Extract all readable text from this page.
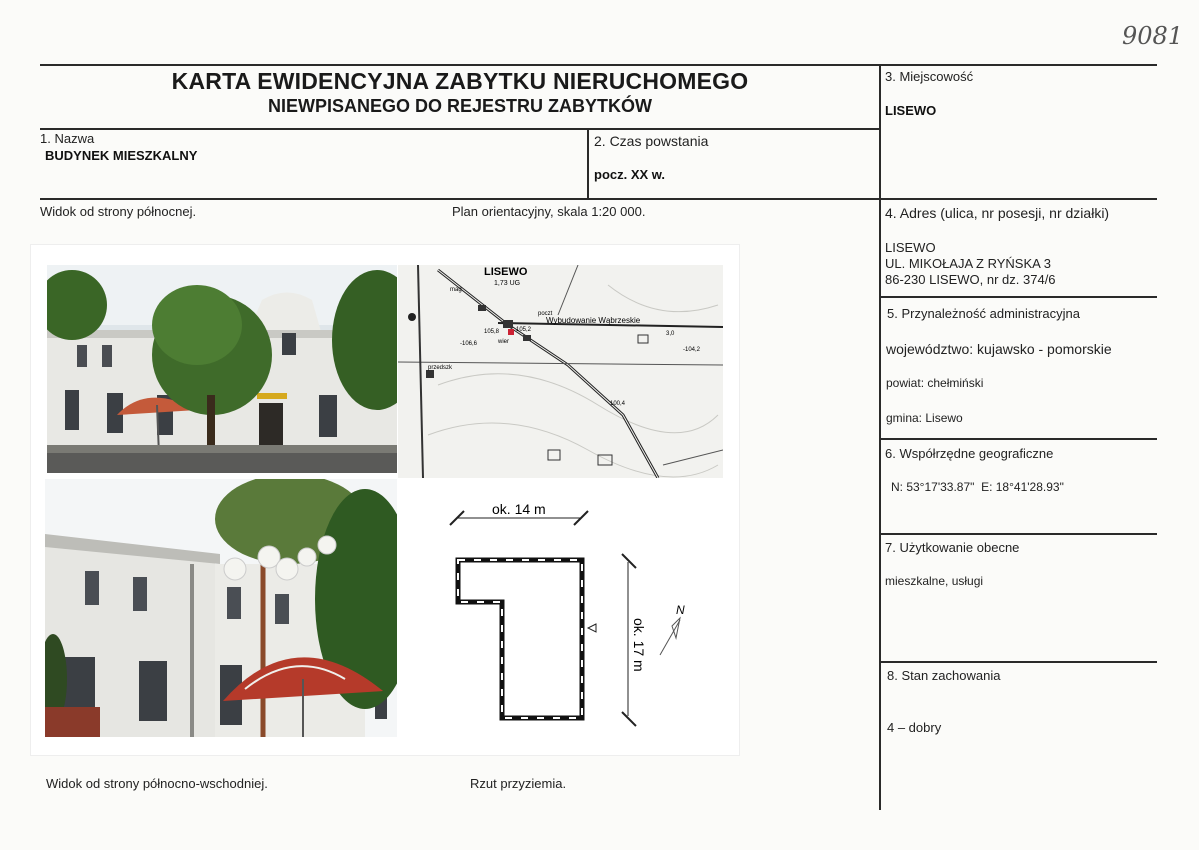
9081
KARTA EWIDENCYJNA ZABYTKU NIERUCHOMEGO
NIEWPISANEGO DO REJESTRU ZABYTKÓW
1. Nazwa
BUDYNEK MIESZKALNY
2. Czas powstania
pocz. XX w.
3. Miejscowość
LISEWO
4. Adres (ulica, nr posesji, nr działki)
LISEWO
UL. MIKOŁAJA Z RYŃSKA 3
86-230 LISEWO, nr dz. 374/6
5. Przynależność administracyjna
województwo: kujawsko - pomorskie
powiat: chełmiński
gmina: Lisewo
6. Współrzędne geograficzne
N: 53°17'33.87"  E: 18°41'28.93"
7. Użytkowanie obecne
mieszkalne, usługi
8. Stan zachowania
4 – dobry
Widok od strony północnej.	Plan orientacyjny, skala 1:20 000.
Widok od strony północno-wschodniej.	Rzut przyziemia.
LISEWO
1,73 UG
Wybudowanie Wąbrzeskie
105,8	105,2
-106,6
-104,2
100,4
3,0
poczt
przedszk
mag
wier
ok. 14 m
ok. 17 m
N
